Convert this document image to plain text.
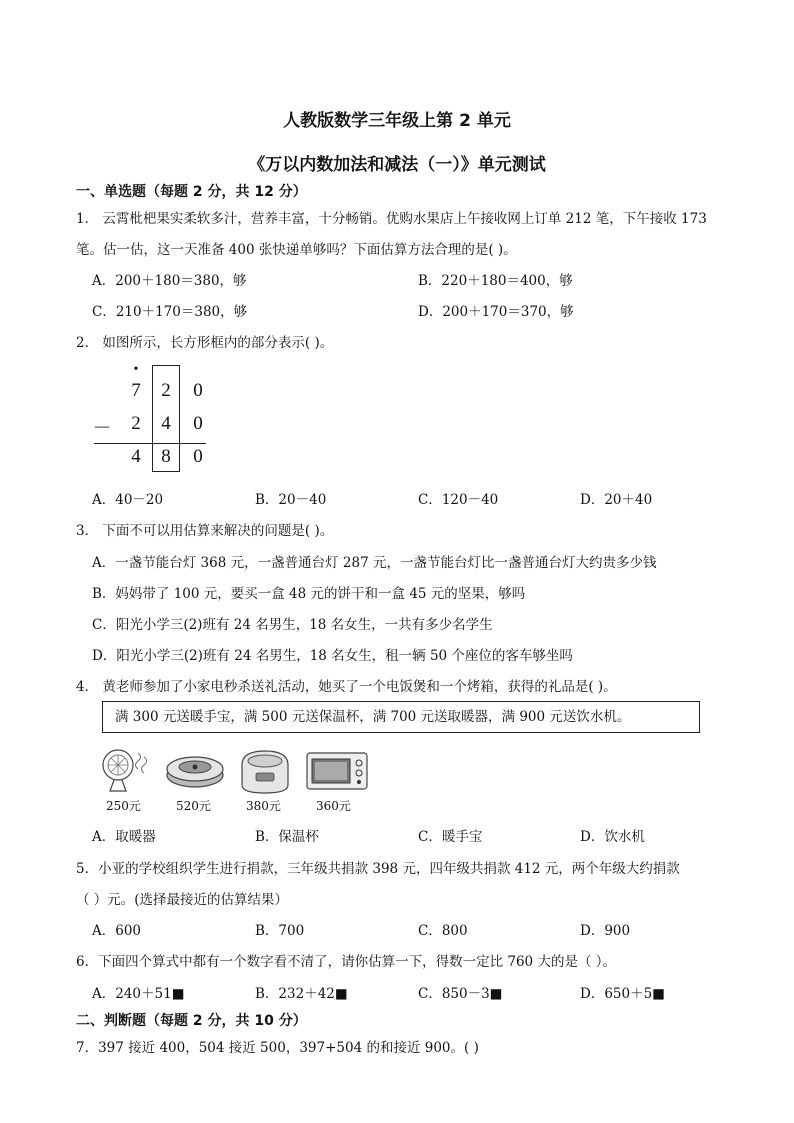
人教版数学三年级上第 2 单元
《万以内数加法和减法（一）》单元测试
一、单选题（每题 2 分，共 12 分）
1． 云霄枇杷果实柔软多汁，营养丰富，十分畅销。优购水果店上午接收网上订单 212 笔，下午接收 173
笔。估一估，这一天准备 400 张快递单够吗？下面估算方法合理的是( )。
A．200＋180＝380，够	B．220＋180＝400，够
C．210＋170＝380，够	D．200＋170＝370，够
2． 如图所示，长方形框内的部分表示( )。
•
7 2 0
－ 2 4 0
4 8 0
A．40－20	B．20－40	C．120－40	D．20＋40
3． 下面不可以用估算来解决的问题是( )。
A．一盏节能台灯 368 元，一盏普通台灯 287 元，一盏节能台灯比一盏普通台灯大约贵多少钱
B．妈妈带了 100 元，要买一盒 48 元的饼干和一盒 45 元的坚果，够吗
C．阳光小学三(2)班有 24 名男生，18 名女生，一共有多少名学生
D．阳光小学三(2)班有 24 名男生，18 名女生，租一辆 50 个座位的客车够坐吗
4． 黄老师参加了小家电秒杀送礼活动，她买了一个电饭煲和一个烤箱，获得的礼品是( )。
满 300 元送暖手宝，满 500 元送保温杯，满 700 元送取暖器，满 900 元送饮水机。
250元	520元	380元	360元
A．取暖器	B．保温杯	C．暖手宝	D．饮水机
5．小亚的学校组织学生进行捐款，三年级共捐款 398 元，四年级共捐款 412 元，两个年级大约捐款
（ ）元。(选择最接近的估算结果）
A．600	B．700	C．800	D．900
6．下面四个算式中都有一个数字看不清了，请你估算一下，得数一定比 760 大的是（ ）。
A．240＋51■	B．232＋42■	C．850－3■	D．650＋5■
二、判断题（每题 2 分，共 10 分）
7．397 接近 400，504 接近 500，397+504 的和接近 900。( )
